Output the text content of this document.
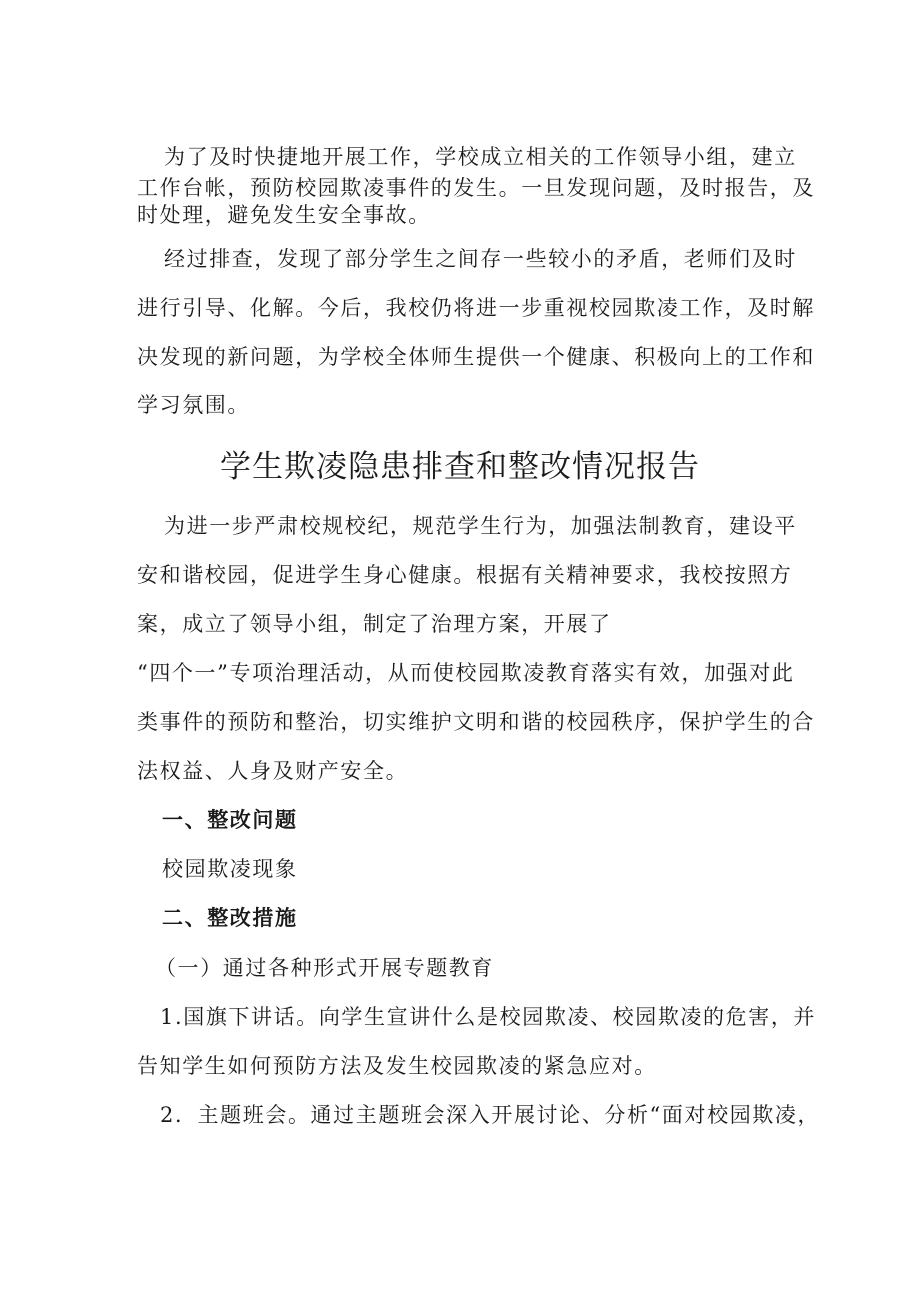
为了及时快捷地开展工作，学校成立相关的工作领导小组，建立
工作台帐，预防校园欺凌事件的发生。一旦发现问题，及时报告，及
时处理，避免发生安全事故。
经过排查，发现了部分学生之间存一些较小的矛盾，老师们及时
进行引导、化解。今后，我校仍将进一步重视校园欺凌工作，及时解
决发现的新问题，为学校全体师生提供一个健康、积极向上的工作和
学习氛围。
学生欺凌隐患排查和整改情况报告
为进一步严肃校规校纪，规范学生行为，加强法制教育，建设平
安和谐校园，促进学生身心健康。根据有关精神要求，我校按照方
案，成立了领导小组，制定了治理方案，开展了
“四个一”专项治理活动，从而使校园欺凌教育落实有效，加强对此
类事件的预防和整治，切实维护文明和谐的校园秩序，保护学生的合
法权益、人身及财产安全。
一、整改问题
校园欺凌现象
二、整改措施
（一）通过各种形式开展专题教育
1.国旗下讲话。向学生宣讲什么是校园欺凌、校园欺凌的危害，并
告知学生如何预防方法及发生校园欺凌的紧急应对。
2．主题班会。通过主题班会深入开展讨论、分析“面对校园欺凌，
